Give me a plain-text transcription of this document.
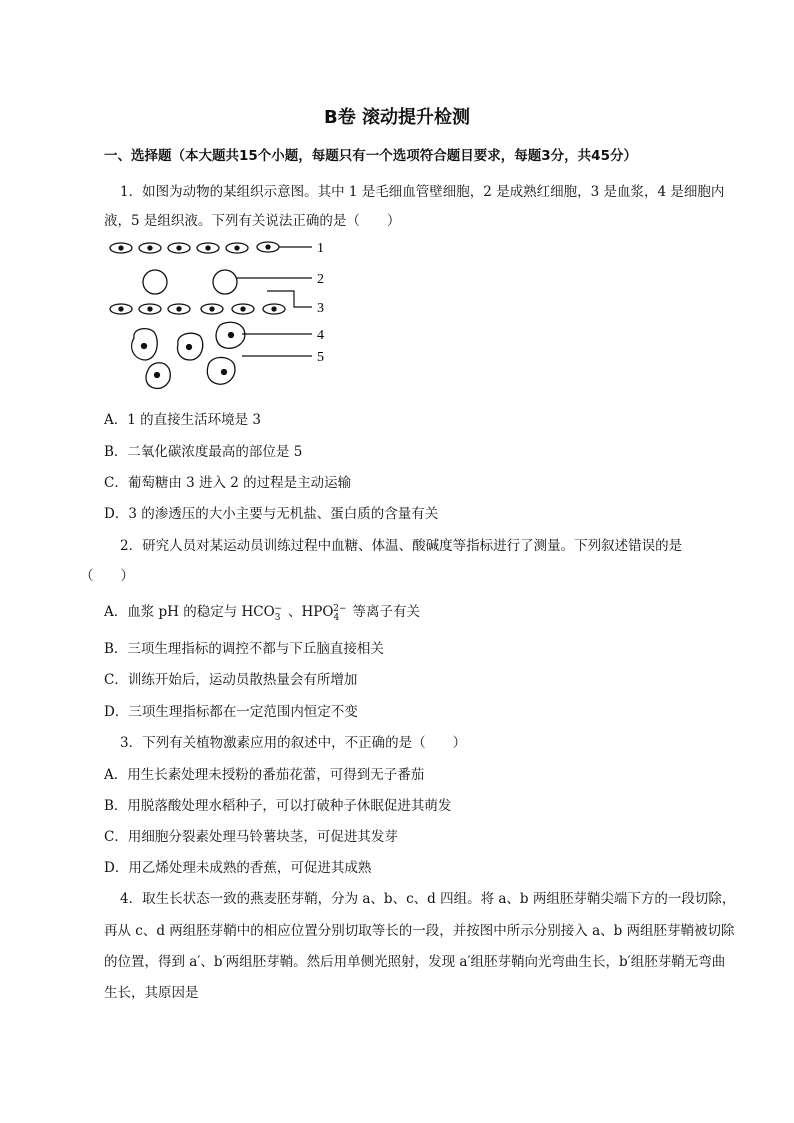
B卷 滚动提升检测
一、选择题（本大题共15个小题，每题只有一个选项符合题目要求，每题3分，共45分）
1．如图为动物的某组织示意图。其中 1 是毛细血管壁细胞，2 是成熟红细胞，3 是血浆，4 是细胞内
液，5 是组织液。下列有关说法正确的是（　　）
1
2
3
4
5
A．1 的直接生活环境是 3
B．二氧化碳浓度最高的部位是 5
C．葡萄糖由 3 进入 2 的过程是主动运输
D．3 的渗透压的大小主要与无机盐、蛋白质的含量有关
2．研究人员对某运动员训练过程中血糖、体温、酸碱度等指标进行了测量。下列叙述错误的是
（　　）
A．血浆 pH 的稳定与 $HCO_3^-$ 、$HPO_4^{2-}$ 等离子有关
B．三项生理指标的调控不都与下丘脑直接相关
C．训练开始后，运动员散热量会有所增加
D．三项生理指标都在一定范围内恒定不变
3．下列有关植物激素应用的叙述中，不正确的是（　　）
A．用生长素处理未授粉的番茄花蕾，可得到无子番茄
B．用脱落酸处理水稻种子，可以打破种子休眠促进其萌发
C．用细胞分裂素处理马铃薯块茎，可促进其发芽
D．用乙烯处理未成熟的香蕉，可促进其成熟
4．取生长状态一致的燕麦胚芽鞘，分为 a、b、c、d 四组。将 a、b 两组胚芽鞘尖端下方的一段切除，
再从 c、d 两组胚芽鞘中的相应位置分别切取等长的一段，并按图中所示分别接入 a、b 两组胚芽鞘被切除
的位置，得到 a′、b′两组胚芽鞘。然后用单侧光照射，发现 a′组胚芽鞘向光弯曲生长，b′组胚芽鞘无弯曲
生长，其原因是
